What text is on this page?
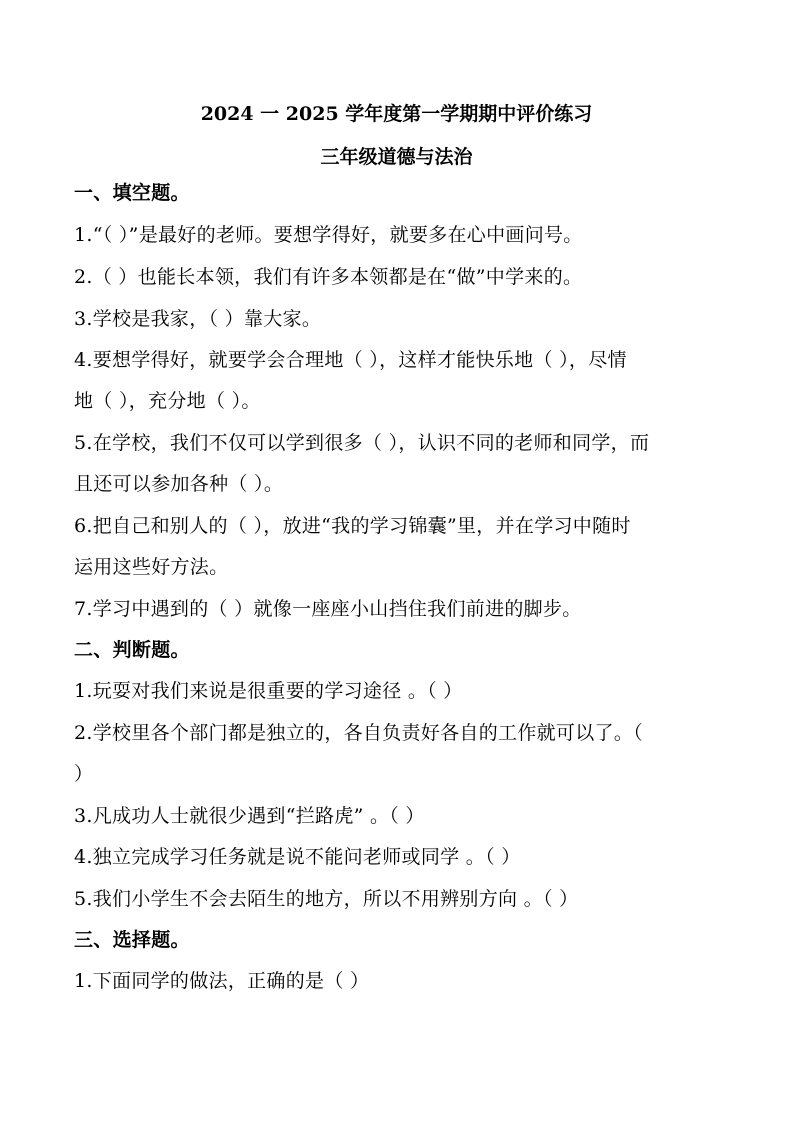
2024 一 2025 学年度第一学期期中评价练习
三年级道德与法治
一、填空题。
1.“（ ）”是最好的老师。要想学得好，就要多在心中画问号。
2.（ ）也能长本领，我们有许多本领都是在“做”中学来的。
3.学校是我家，（ ）靠大家。
4.要想学得好，就要学会合理地（ ），这样才能快乐地（ ），尽情
地（ ），充分地（ ）。
5.在学校，我们不仅可以学到很多（ ），认识不同的老师和同学，而
且还可以参加各种（ ）。
6.把自己和别人的（ ），放进“我的学习锦囊”里，并在学习中随时
运用这些好方法。
7.学习中遇到的（ ）就像一座座小山挡住我们前进的脚步。
二、判断题。
1.玩耍对我们来说是很重要的学习途径 。（ ）
2.学校里各个部门都是独立的，各自负责好各自的工作就可以了。（
）
3.凡成功人士就很少遇到“拦路虎” 。（ ）
4.独立完成学习任务就是说不能问老师或同学 。（ ）
5.我们小学生不会去陌生的地方，所以不用辨别方向 。（ ）
三、选择题。
1.下面同学的做法，正确的是（ ）
